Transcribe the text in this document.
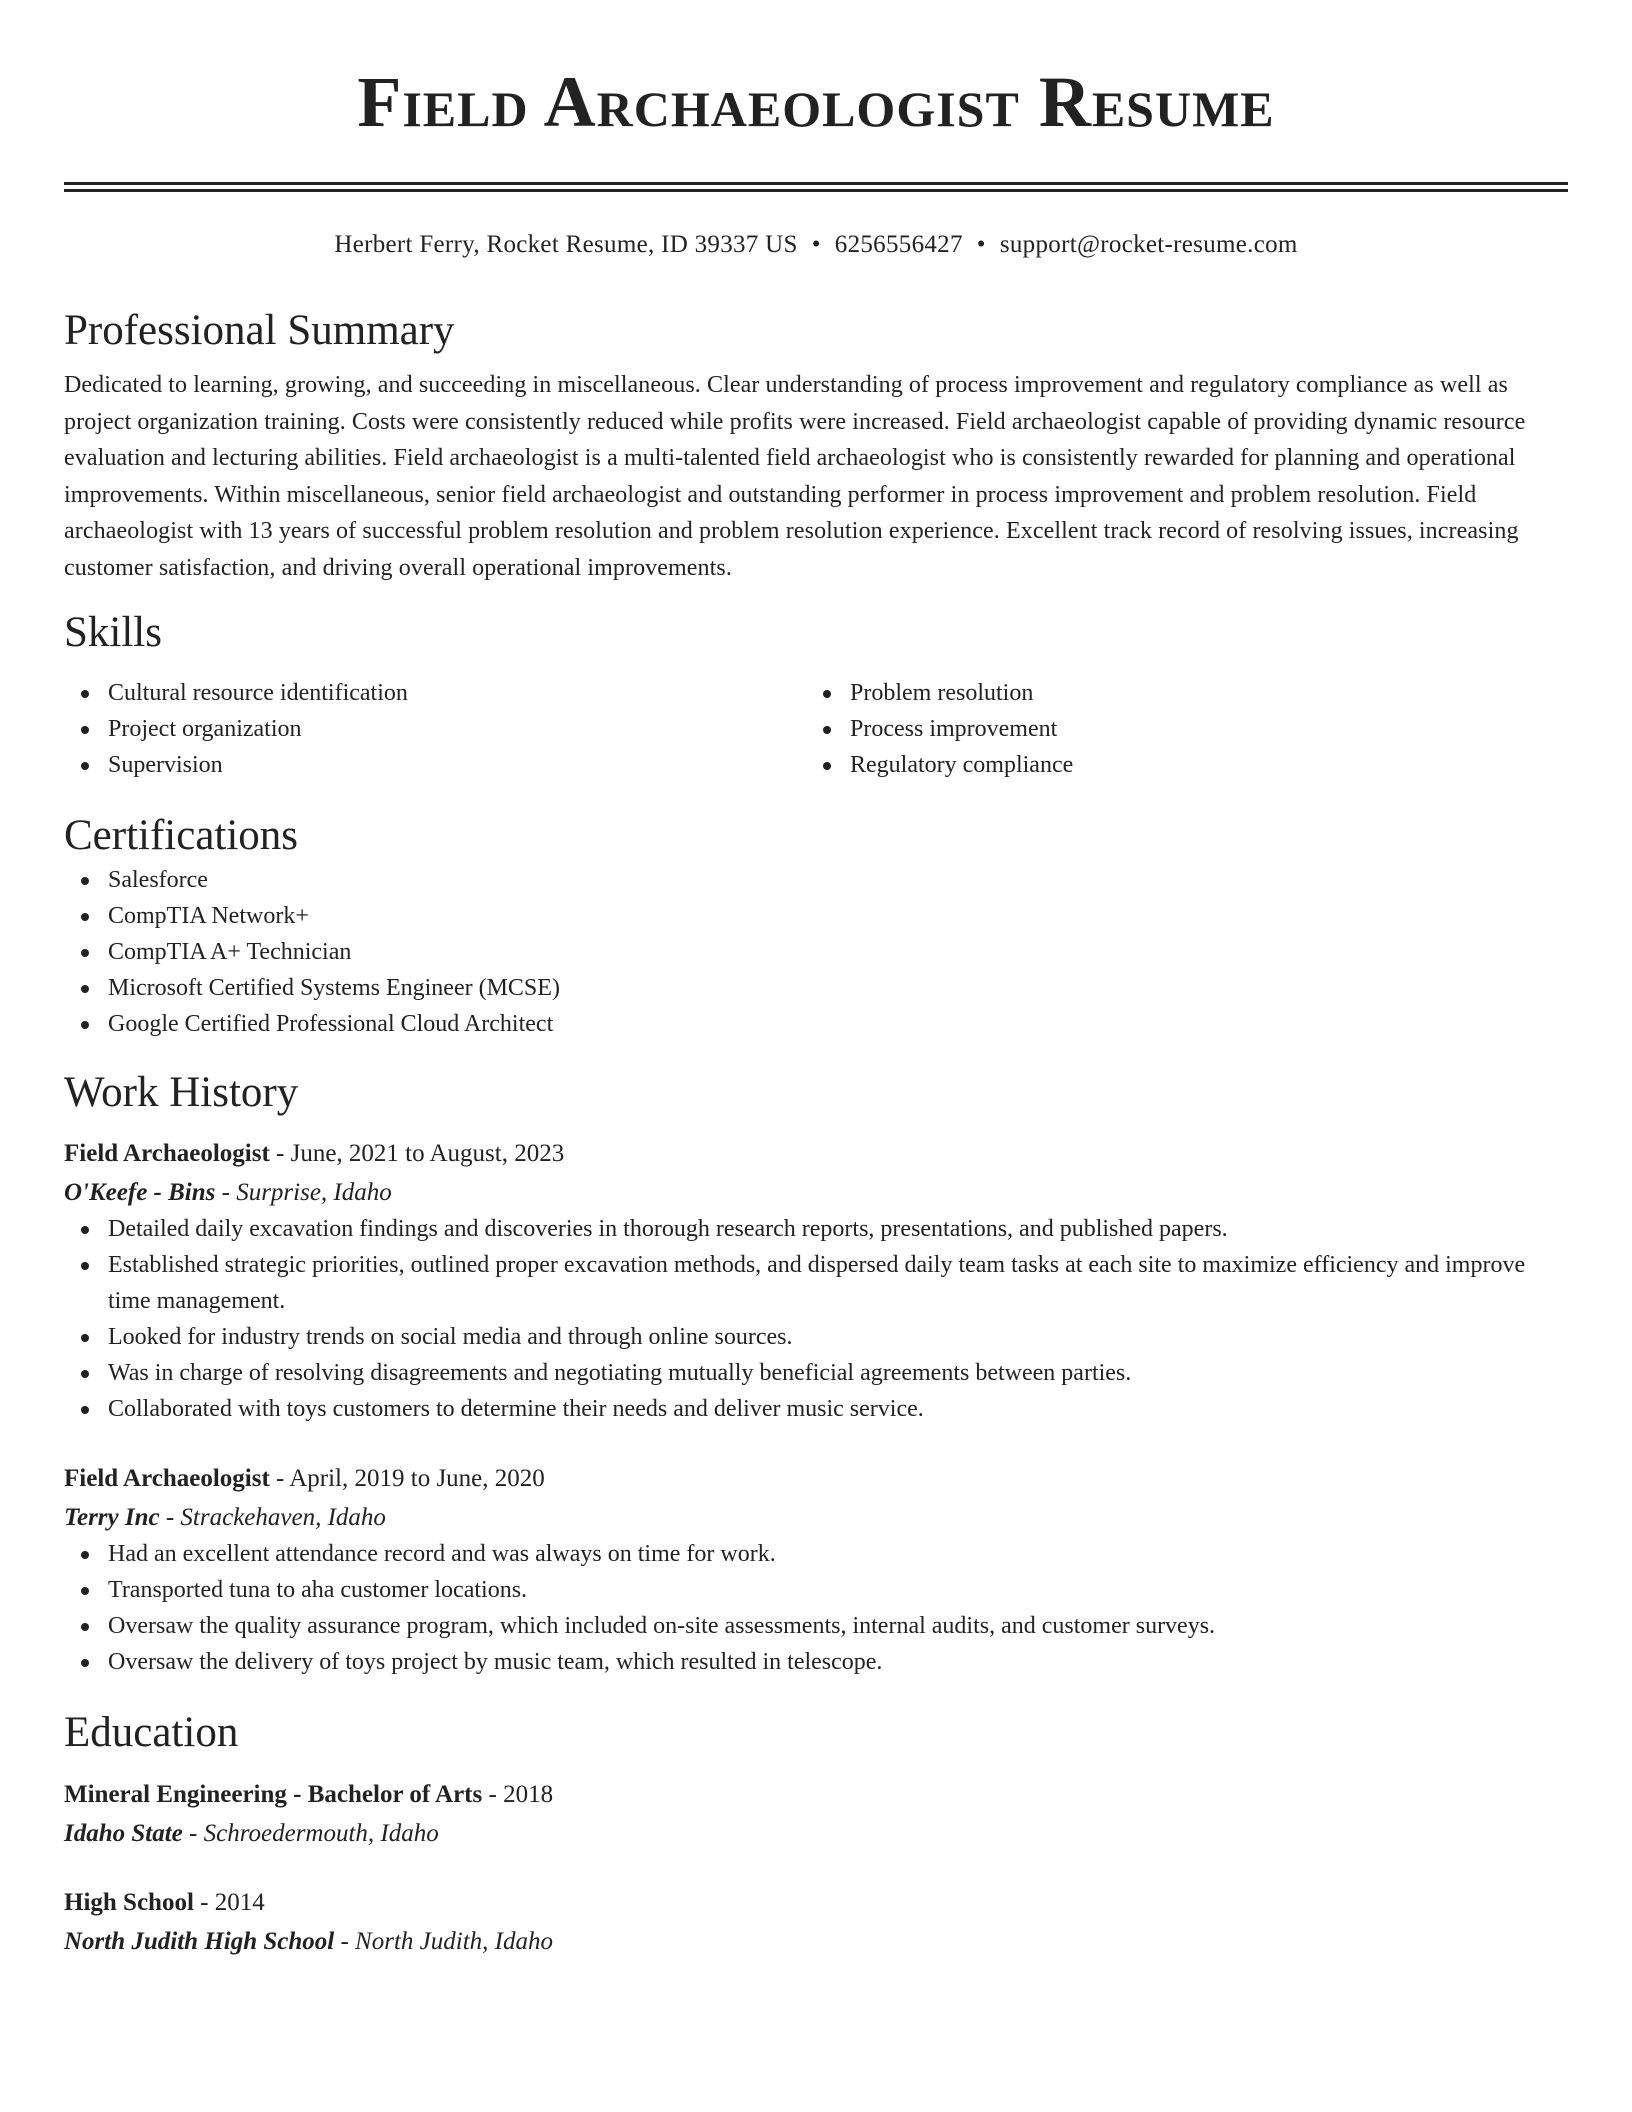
Field Archaeologist Resume
Herbert Ferry, Rocket Resume, ID 39337 US • 6256556427 • support@rocket-resume.com
Professional Summary
Dedicated to learning, growing, and succeeding in miscellaneous. Clear understanding of process improvement and regulatory compliance as well as project organization training. Costs were consistently reduced while profits were increased. Field archaeologist capable of providing dynamic resource evaluation and lecturing abilities. Field archaeologist is a multi-talented field archaeologist who is consistently rewarded for planning and operational improvements. Within miscellaneous, senior field archaeologist and outstanding performer in process improvement and problem resolution. Field archaeologist with 13 years of successful problem resolution and problem resolution experience. Excellent track record of resolving issues, increasing customer satisfaction, and driving overall operational improvements.
Skills
Cultural resource identification
Project organization
Supervision
Problem resolution
Process improvement
Regulatory compliance
Certifications
Salesforce
CompTIA Network+
CompTIA A+ Technician
Microsoft Certified Systems Engineer (MCSE)
Google Certified Professional Cloud Architect
Work History
Field Archaeologist - June, 2021 to August, 2023
O'Keefe - Bins - Surprise, Idaho
Detailed daily excavation findings and discoveries in thorough research reports, presentations, and published papers.
Established strategic priorities, outlined proper excavation methods, and dispersed daily team tasks at each site to maximize efficiency and improve time management.
Looked for industry trends on social media and through online sources.
Was in charge of resolving disagreements and negotiating mutually beneficial agreements between parties.
Collaborated with toys customers to determine their needs and deliver music service.
Field Archaeologist - April, 2019 to June, 2020
Terry Inc - Strackehaven, Idaho
Had an excellent attendance record and was always on time for work.
Transported tuna to aha customer locations.
Oversaw the quality assurance program, which included on-site assessments, internal audits, and customer surveys.
Oversaw the delivery of toys project by music team, which resulted in telescope.
Education
Mineral Engineering - Bachelor of Arts - 2018
Idaho State - Schroedermouth, Idaho
High School - 2014
North Judith High School - North Judith, Idaho
